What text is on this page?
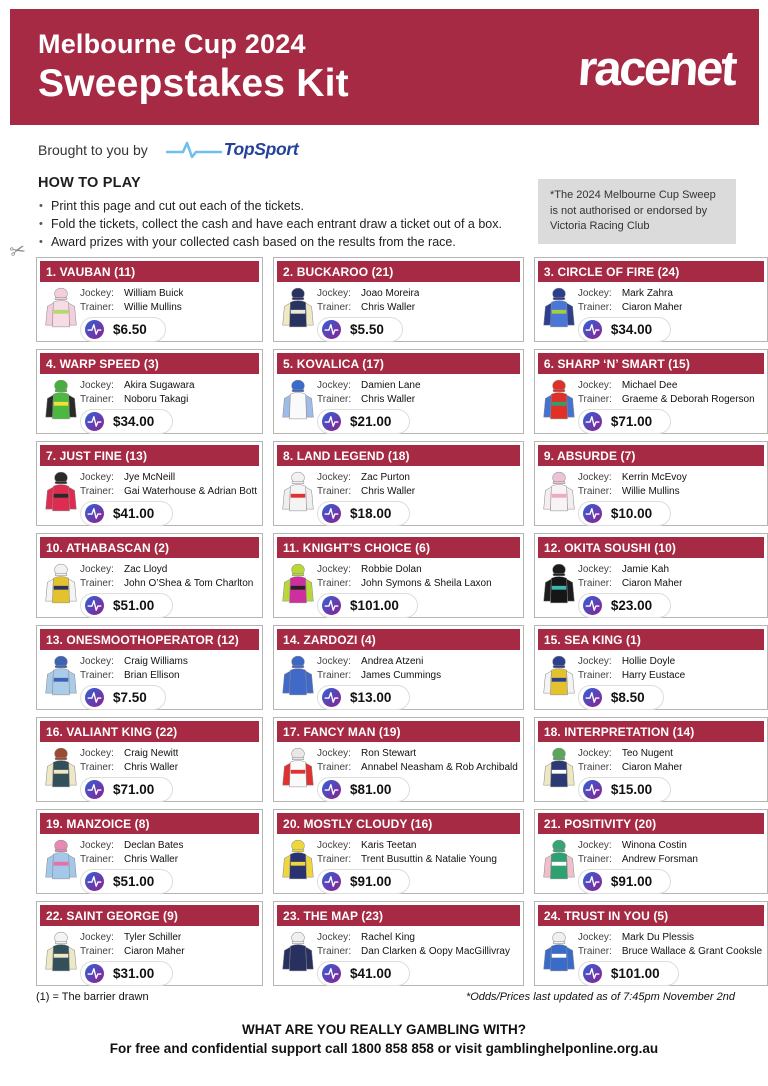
Melbourne Cup 2024
Sweepstakes Kit	racenet
Brought to you by	TopSport
HOW TO PLAY
• Print this page and cut out each of the tickets.
• Fold the tickets, collect the cash and have each entrant draw a ticket out of a box.
• Award prizes with your collected cash based on the results from the race.
*The 2024 Melbourne Cup Sweep is not authorised or endorsed by Victoria Racing Club
✂
1. VAUBAN (11)
Jockey:	William Buick
Trainer: Willie Mullins
$6.50
2. BUCKAROO (21)
Jockey:	Joao Moreira
Trainer: Chris Waller
$5.50
3. CIRCLE OF FIRE (24)
Jockey:	Mark Zahra
Trainer: Ciaron Maher
$34.00
4. WARP SPEED (3)
Jockey:	Akira Sugawara
Trainer: Noboru Takagi
$34.00
5. KOVALICA (17)
Jockey:	Damien Lane
Trainer: Chris Waller
$21.00
6. SHARP ‘N’ SMART (15)
Jockey:	Michael Dee
Trainer: Graeme & Deborah Rogerson
$71.00
7. JUST FINE (13)
Jockey:	Jye McNeill
Trainer: Gai Waterhouse & Adrian Bott
$41.00
8. LAND LEGEND (18)
Jockey:	Zac Purton
Trainer: Chris Waller
$18.00
9. ABSURDE (7)
Jockey:	Kerrin McEvoy
Trainer: Willie Mullins
$10.00
10. ATHABASCAN (2)
Jockey:	Zac Lloyd
Trainer: John O’Shea & Tom Charlton
$51.00
11. KNIGHT’S CHOICE (6)
Jockey:	Robbie Dolan
Trainer: John Symons & Sheila Laxon
$101.00
12. OKITA SOUSHI (10)
Jockey:	Jamie Kah
Trainer: Ciaron Maher
$23.00
13. ONESMOOTHOPERATOR (12)
Jockey:	Craig Williams
Trainer: Brian Ellison
$7.50
14. ZARDOZI (4)
Jockey:	Andrea Atzeni
Trainer: James Cummings
$13.00
15. SEA KING (1)
Jockey:	Hollie Doyle
Trainer: Harry Eustace
$8.50
16. VALIANT KING (22)
Jockey:	Craig Newitt
Trainer: Chris Waller
$71.00
17. FANCY MAN (19)
Jockey:	Ron Stewart
Trainer: Annabel Neasham & Rob Archibald
$81.00
18. INTERPRETATION (14)
Jockey:	Teo Nugent
Trainer: Ciaron Maher
$15.00
19. MANZOICE (8)
Jockey:	Declan Bates
Trainer: Chris Waller
$51.00
20. MOSTLY CLOUDY (16)
Jockey:	Karis Teetan
Trainer: Trent Busuttin & Natalie Young
$91.00
21. POSITIVITY (20)
Jockey:	Winona Costin
Trainer: Andrew Forsman
$91.00
22. SAINT GEORGE (9)
Jockey:	Tyler Schiller
Trainer: Ciaron Maher
$31.00
23. THE MAP (23)
Jockey:	Rachel King
Trainer: Dan Clarken & Oopy MacGillivray
$41.00
24. TRUST IN YOU (5)
Jockey:	Mark Du Plessis
Trainer: Bruce Wallace & Grant Cooksle
$101.00
(1) = The barrier drawn	*Odds/Prices last updated as of 7:45pm November 2nd
WHAT ARE YOU REALLY GAMBLING WITH?
For free and confidential support call 1800 858 858 or visit gamblinghelponline.org.au
